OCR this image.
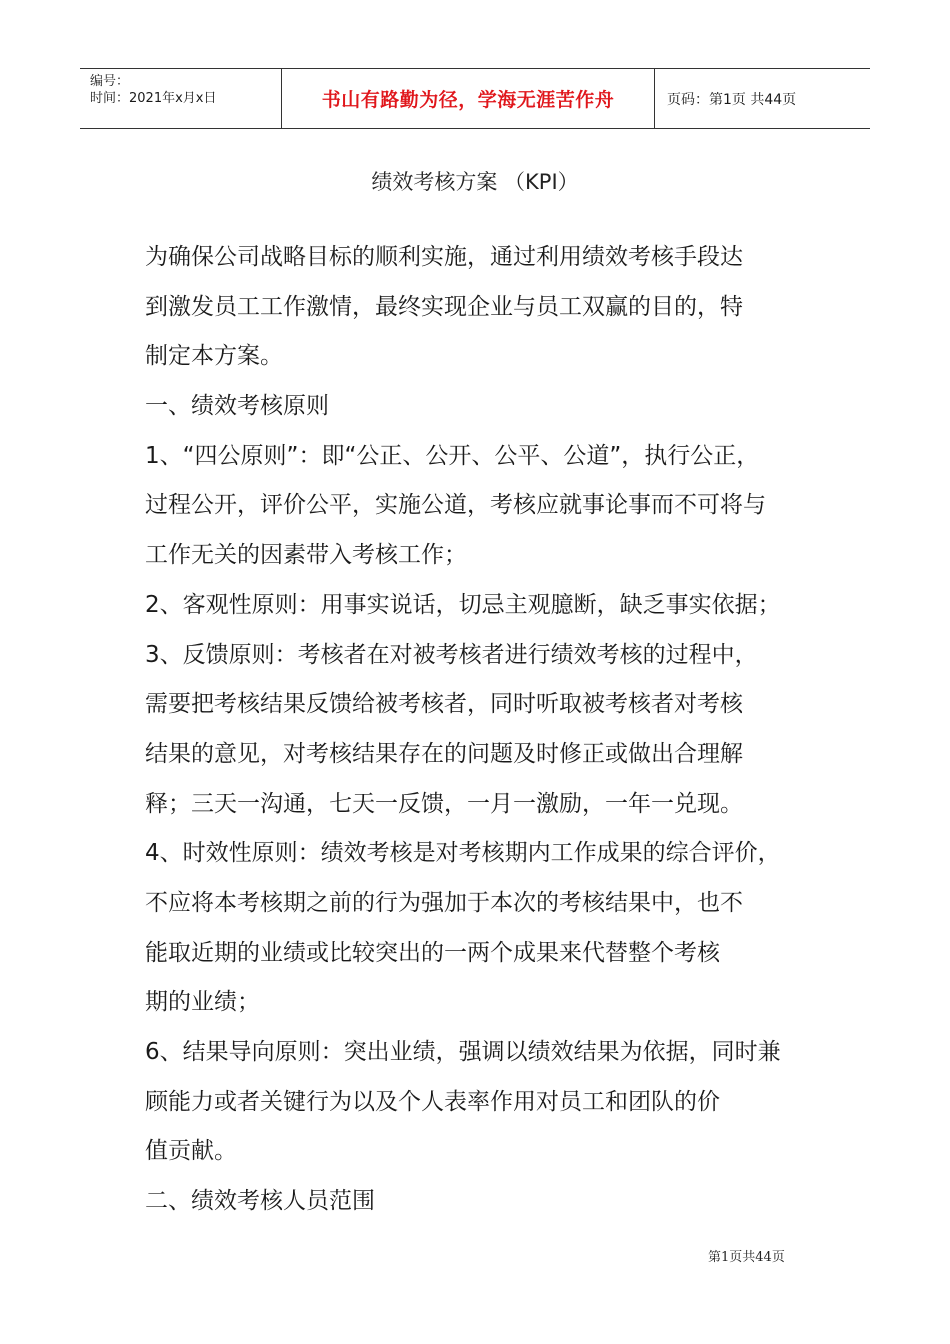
编号：
时间：2021年x月x日	书山有路勤为径，学海无涯苦作舟	页码：第1页 共44页
绩效考核方案 （KPI）
为确保公司战略目标的顺利实施，通过利用绩效考核手段达
到激发员工工作激情，最终实现企业与员工双赢的目的，特
制定本方案。
一、绩效考核原则
1、“四公原则”：即“公正、公开、公平、公道”，执行公正，
过程公开，评价公平，实施公道，考核应就事论事而不可将与
工作无关的因素带入考核工作；
2、客观性原则：用事实说话，切忌主观臆断，缺乏事实依据；
3、反馈原则：考核者在对被考核者进行绩效考核的过程中，
需要把考核结果反馈给被考核者，同时听取被考核者对考核
结果的意见，对考核结果存在的问题及时修正或做出合理解
释；三天一沟通，七天一反馈，一月一激励，一年一兑现。
4、时效性原则：绩效考核是对考核期内工作成果的综合评价，
不应将本考核期之前的行为强加于本次的考核结果中，也不
能取近期的业绩或比较突出的一两个成果来代替整个考核
期的业绩；
6、结果导向原则：突出业绩，强调以绩效结果为依据，同时兼
顾能力或者关键行为以及个人表率作用对员工和团队的价
值贡献。
二、绩效考核人员范围
第1页共44页
